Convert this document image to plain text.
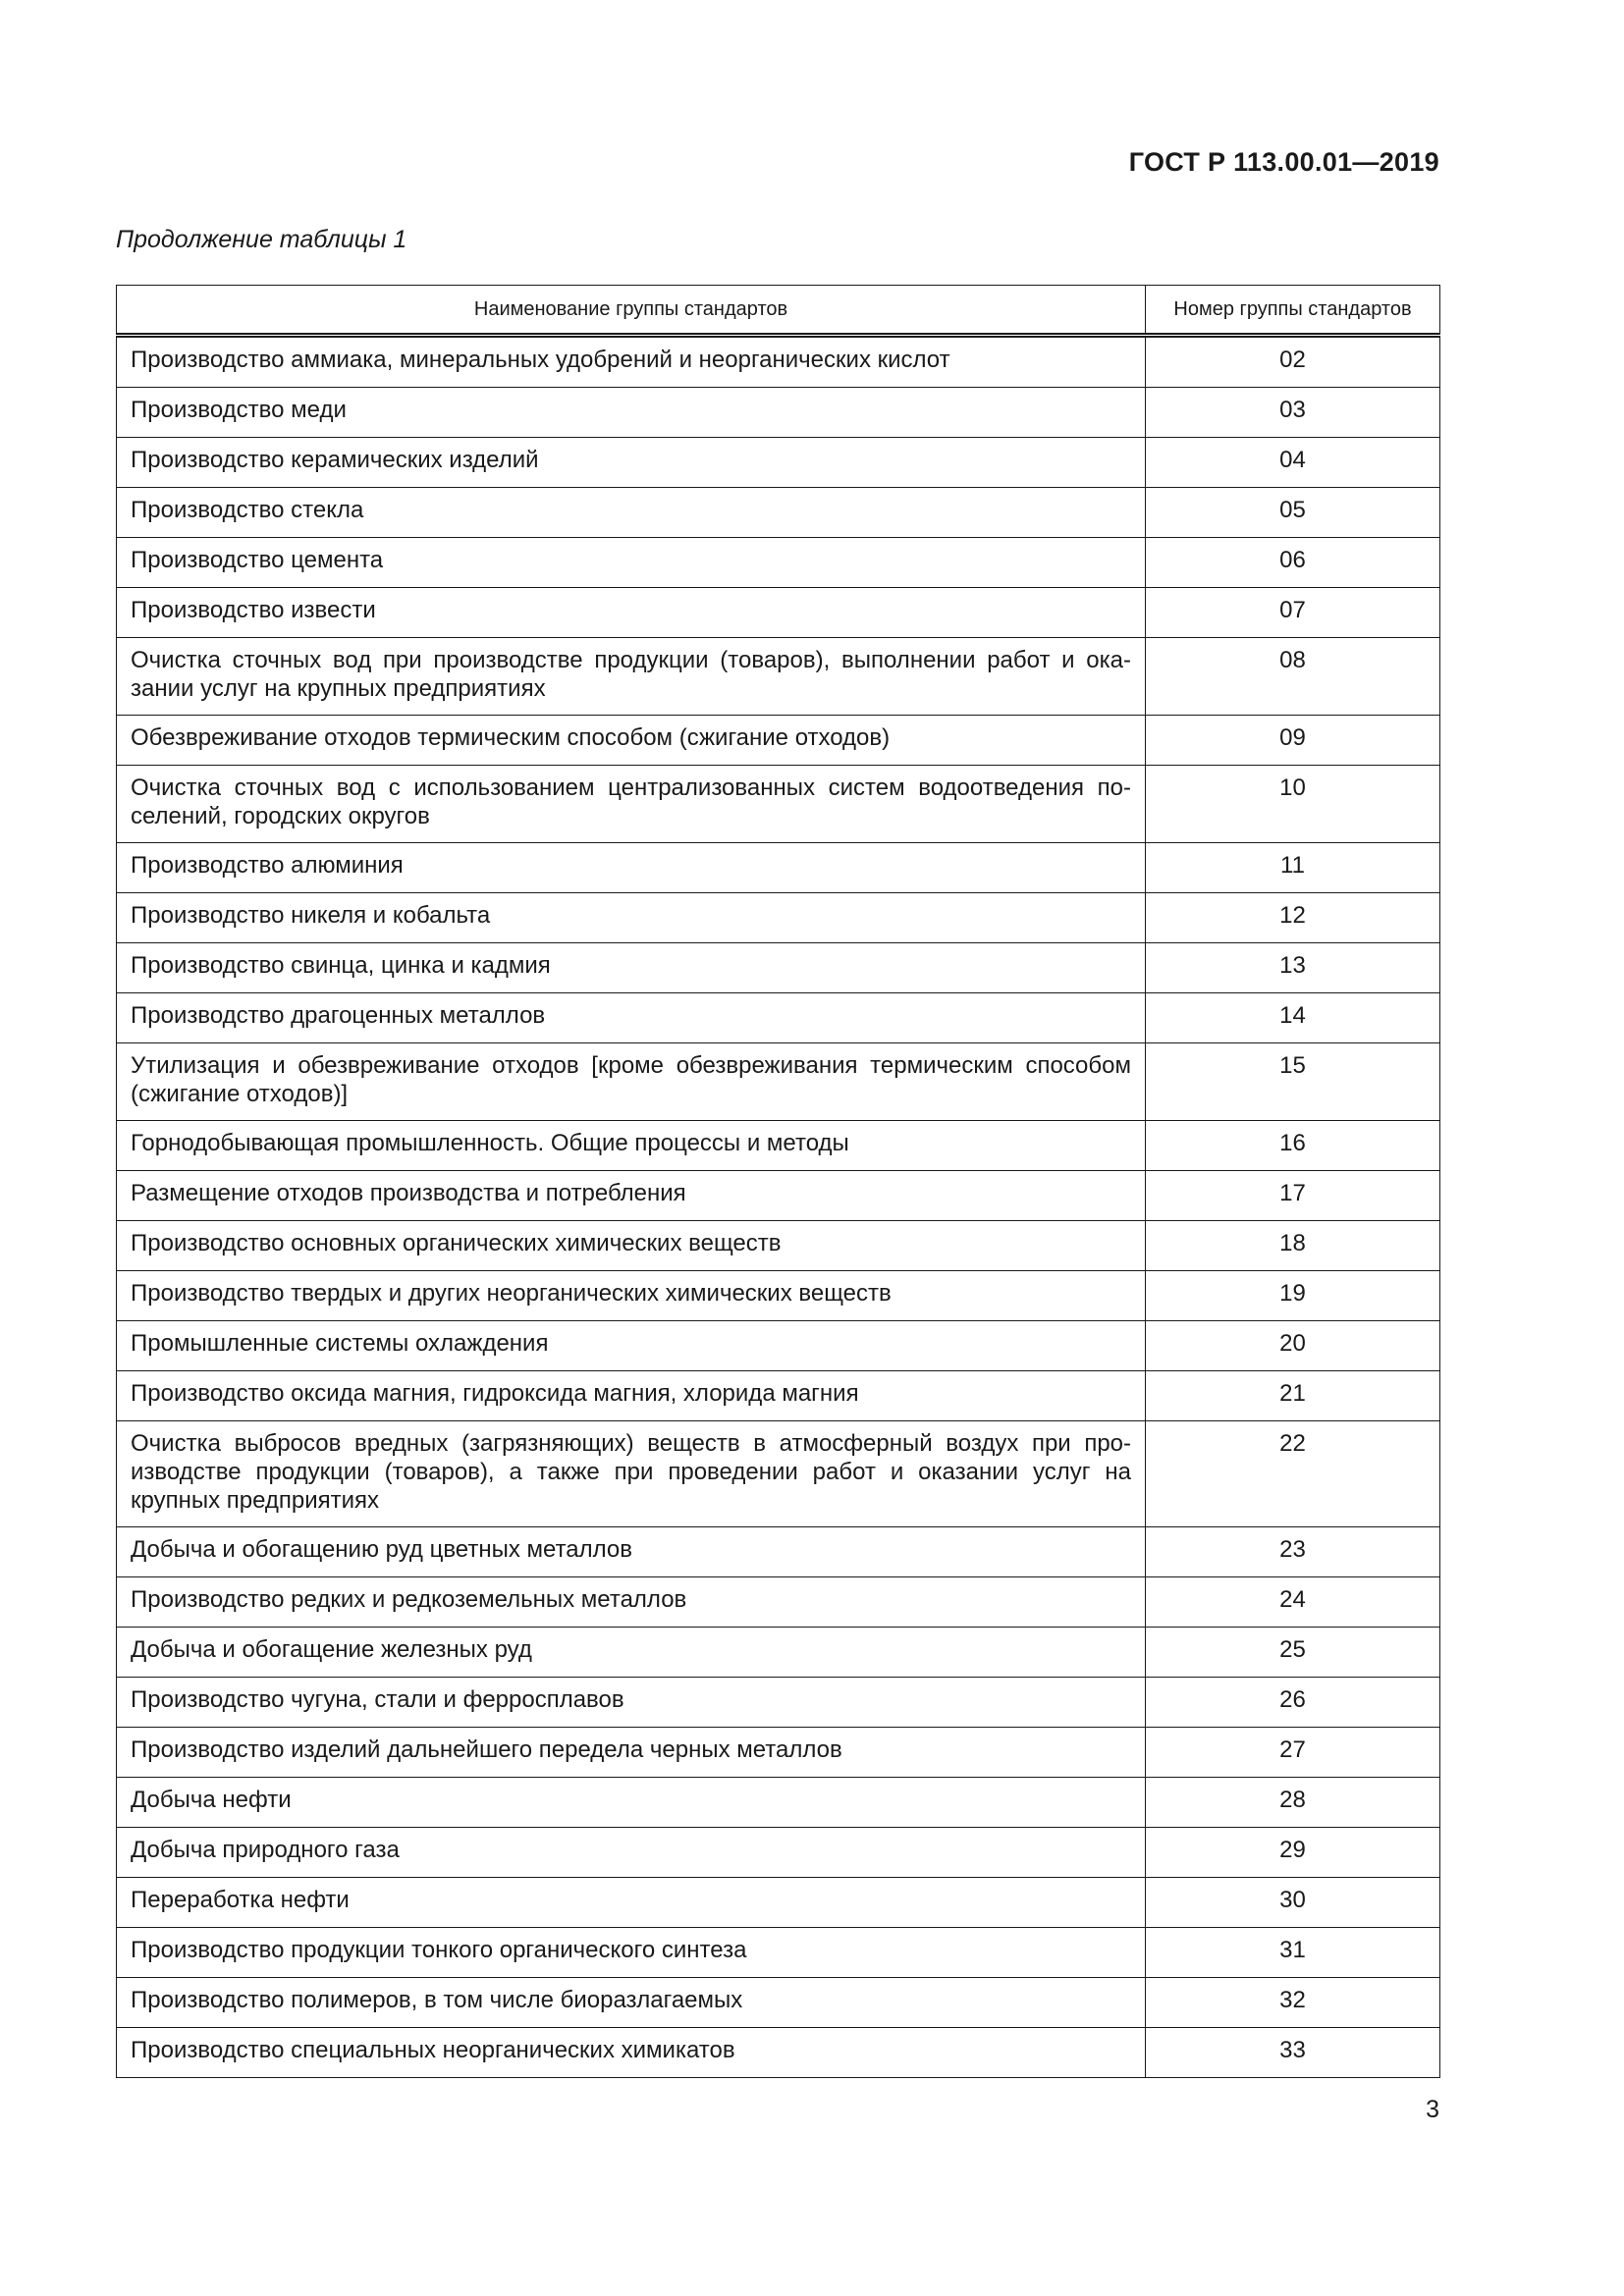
ГОСТ Р 113.00.01—2019
Продолжение таблицы 1
Наименование группы стандартов	Номер группы стандартов
Производство аммиака, минеральных удобрений и неорганических кислот	02
Производство меди	03
Производство керамических изделий	04
Производство стекла	05
Производство цемента	06
Производство извести	07
Очистка сточных вод при производстве продукции (товаров), выполнении работ и ока-зании услуг на крупных предприятиях	08
Обезвреживание отходов термическим способом (сжигание отходов)	09
Очистка сточных вод с использованием централизованных систем водоотведения по-селений, городских округов	10
Производство алюминия	11
Производство никеля и кобальта	12
Производство свинца, цинка и кадмия	13
Производство драгоценных металлов	14
Утилизация и обезвреживание отходов [кроме обезвреживания термическим способом (сжигание отходов)]	15
Горнодобывающая промышленность. Общие процессы и методы	16
Размещение отходов производства и потребления	17
Производство основных органических химических веществ	18
Производство твердых и других неорганических химических веществ	19
Промышленные системы охлаждения	20
Производство оксида магния, гидроксида магния, хлорида магния	21
Очистка выбросов вредных (загрязняющих) веществ в атмосферный воздух при про-изводстве продукции (товаров), а также при проведении работ и оказании услуг на крупных предприятиях	22
Добыча и обогащению руд цветных металлов	23
Производство редких и редкоземельных металлов	24
Добыча и обогащение железных руд	25
Производство чугуна, стали и ферросплавов	26
Производство изделий дальнейшего передела черных металлов	27
Добыча нефти	28
Добыча природного газа	29
Переработка нефти	30
Производство продукции тонкого органического синтеза	31
Производство полимеров, в том числе биоразлагаемых	32
Производство специальных неорганических химикатов	33
3
